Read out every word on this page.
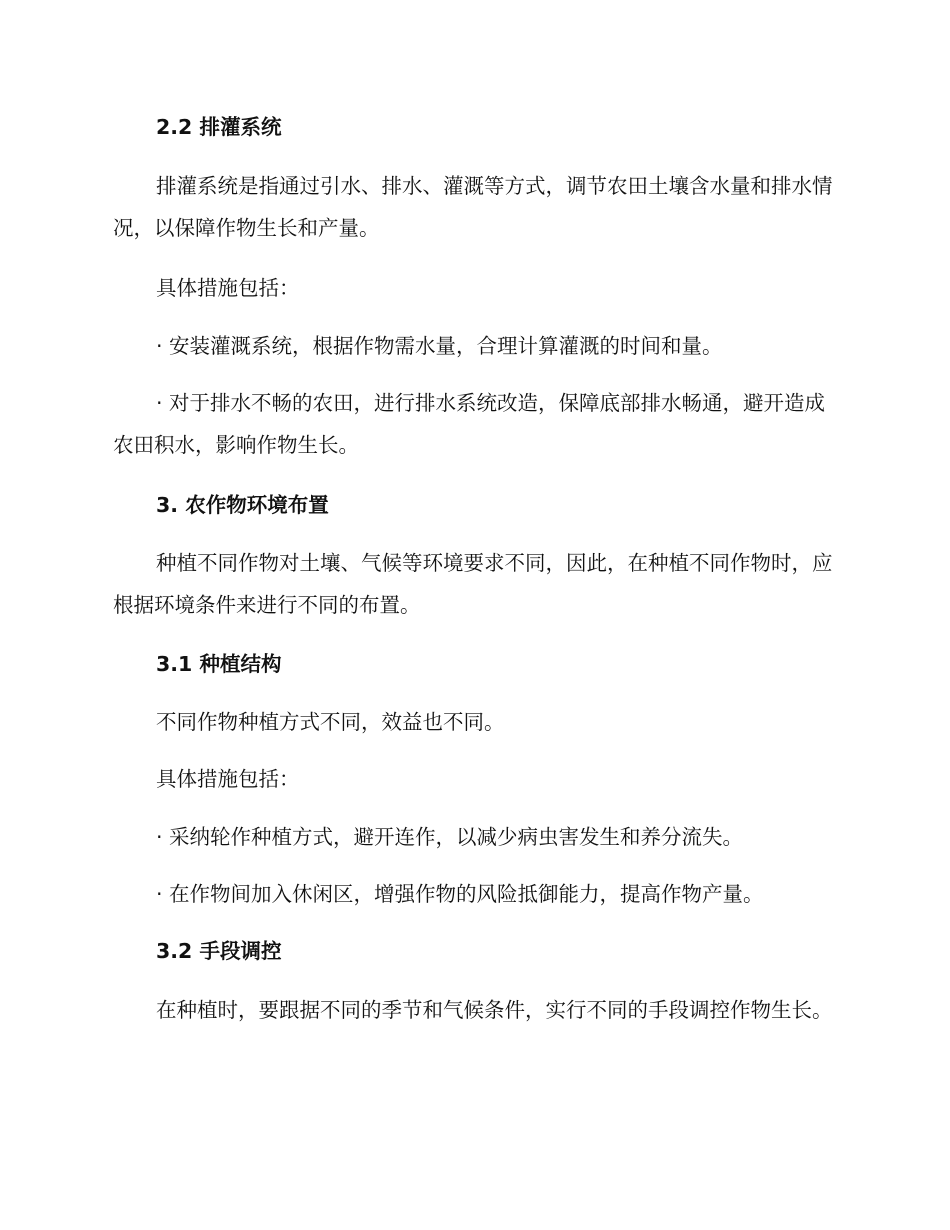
2.2 排灌系统

排灌系统是指通过引水、排水、灌溉等方式，调节农田土壤含水量和排水情况，以保障作物生长和产量。

具体措施包括：

· 安装灌溉系统，根据作物需水量，合理计算灌溉的时间和量。

· 对于排水不畅的农田，进行排水系统改造，保障底部排水畅通，避开造成农田积水，影响作物生长。

3. 农作物环境布置

种植不同作物对土壤、气候等环境要求不同，因此，在种植不同作物时，应根据环境条件来进行不同的布置。

3.1 种植结构

不同作物种植方式不同，效益也不同。

具体措施包括：

· 采纳轮作种植方式，避开连作，以减少病虫害发生和养分流失。

· 在作物间加入休闲区，增强作物的风险抵御能力，提高作物产量。

3.2 手段调控

在种植时，要跟据不同的季节和气候条件，实行不同的手段调控作物生长。
